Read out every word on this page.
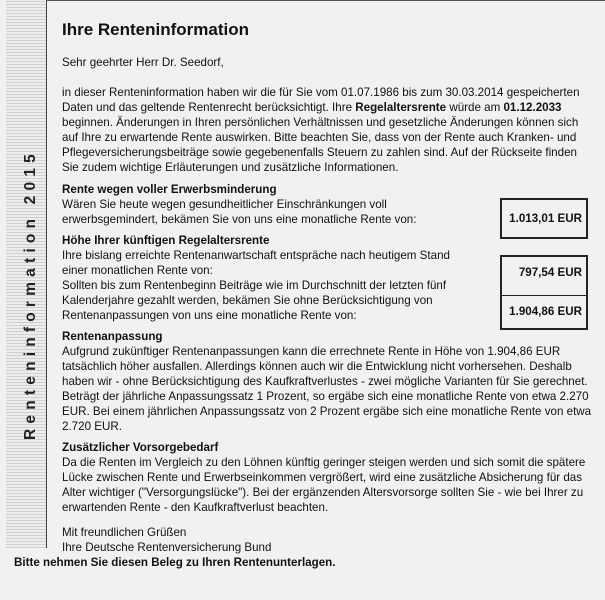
Renteninformation 2015
Ihre Renteninformation

Sehr geehrter Herr Dr. Seedorf,

in dieser Renteninformation haben wir die für Sie vom 01.07.1986 bis zum 30.03.2014 gespeicherten Daten und das geltende Rentenrecht berücksichtigt. Ihre Regelaltersrente würde am 01.12.2033 beginnen. Änderungen in Ihren persönlichen Verhältnissen und gesetzliche Änderungen können sich auf Ihre zu erwartende Rente auswirken. Bitte beachten Sie, dass von der Rente auch Kranken- und Pflegeversicherungsbeiträge sowie gegebenenfalls Steuern zu zahlen sind. Auf der Rückseite finden Sie zudem wichtige Erläuterungen und zusätzliche Informationen.

Rente wegen voller Erwerbsminderung
Wären Sie heute wegen gesundheitlicher Einschränkungen voll erwerbsgemindert, bekämen Sie von uns eine monatliche Rente von:
Höhe Ihrer künftigen Regelaltersrente
Ihre bislang erreichte Rentenanwartschaft entspräche nach heutigem Stand einer monatlichen Rente von:
Sollten bis zum Rentenbeginn Beiträge wie im Durchschnitt der letzten fünf Kalenderjahre gezahlt werden, bekämen Sie ohne Berücksichtigung von Rentenanpassungen von uns eine monatliche Rente von:
Rentenanpassung

Aufgrund zukünftiger Rentenanpassungen kann die errechnete Rente in Höhe von 1.904,86 EUR tatsächlich höher ausfallen. Allerdings können auch wir die Entwicklung nicht vorhersehen. Deshalb haben wir - ohne Berücksichtigung des Kaufkraftverlustes - zwei mögliche Varianten für Sie gerechnet. Beträgt der jährliche Anpassungssatz 1 Prozent, so ergäbe sich eine monatliche Rente von etwa 2.270 EUR. Bei einem jährlichen Anpassungssatz von 2 Prozent ergäbe sich eine monatliche Rente von etwa 2.720 EUR.

Zusätzlicher Vorsorgebedarf

Da die Renten im Vergleich zu den Löhnen künftig geringer steigen werden und sich somit die spätere Lücke zwischen Rente und Erwerbseinkommen vergrößert, wird eine zusätzliche Absicherung für das Alter wichtiger ("Versorgungslücke"). Bei der ergänzenden Altersvorsorge sollten Sie - wie bei Ihrer zu erwartenden Rente - den Kaufkraftverlust beachten.

Mit freundlichen Grüßen
Ihre Deutsche Rentenversicherung Bund
1.013,01 EUR
797,54 EUR
1.904,86 EUR
Bitte nehmen Sie diesen Beleg zu Ihren Rentenunterlagen.
